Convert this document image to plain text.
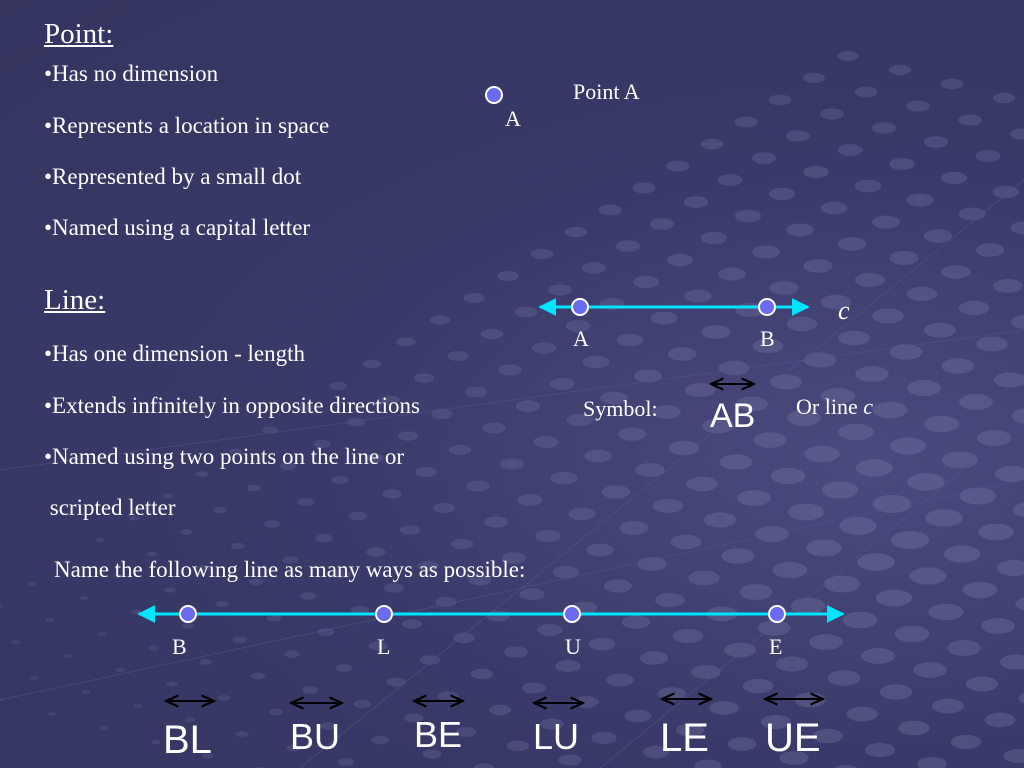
Point:
•Has no dimension
•Represents a location in space
•Represented by a small dot
•Named using a capital letter
Point A
A
Line:
•Has one dimension - length
•Extends infinitely in opposite directions
•Named using two points on the line or
scripted letter
A	B
c
Symbol: AB Or line c
Name the following line as many ways as possible:
B	L	U	E
BL BU BE LU LE UE
